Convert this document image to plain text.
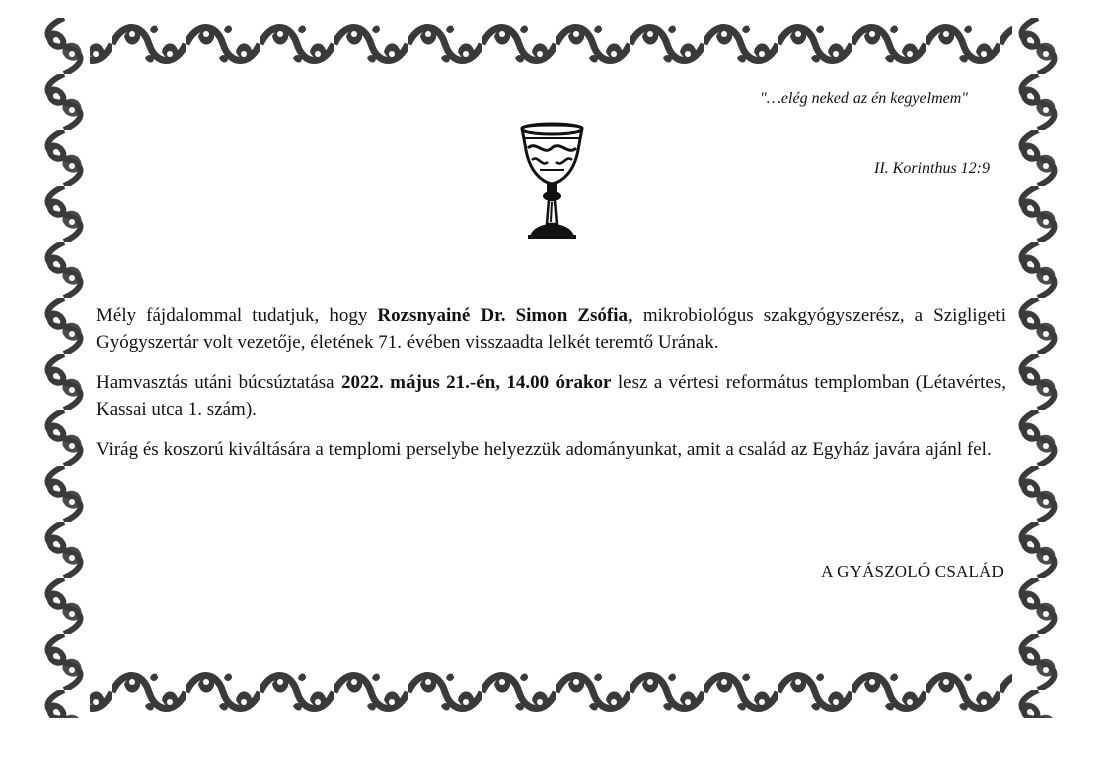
"…elég neked az én kegyelmem"
II. Korinthus 12:9

Mély fájdalommal tudatjuk, hogy Rozsnyainé Dr. Simon Zsófia, mikrobiológus szakgyógyszerész, a Szigligeti Gyógyszertár volt vezetője, életének 71. évében visszaadta lelkét teremtő Urának.

Hamvasztás utáni búcsúztatása 2022. május 21.-én, 14.00 órakor lesz a vértesi református templomban (Létavértes, Kassai utca 1. szám).

Virág és koszorú kiváltására a templomi perselybe helyezzük adományunkat, amit a család az Egyház javára ajánl fel.

A GYÁSZOLÓ CSALÁD
